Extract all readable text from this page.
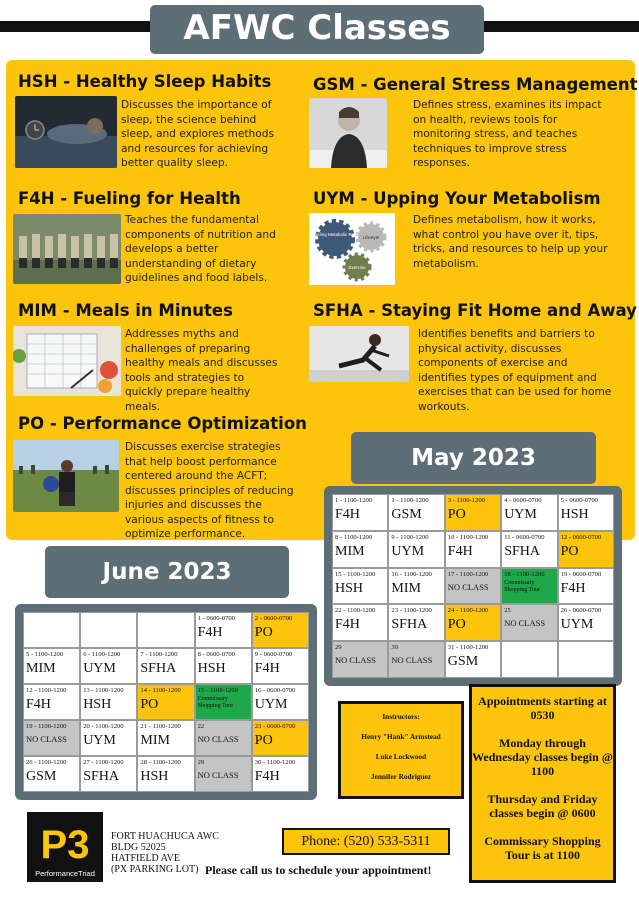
AFWC Classes
HSH - Healthy Sleep Habits
Discusses the importance of sleep, the science behind sleep, and explores methods and resources for achieving better quality sleep.
GSM - General Stress Management
Defines stress, examines its impact on health, reviews tools for monitoring stress, and teaches techniques to improve stress responses.
F4H - Fueling for Health
Teaches the fundamental components of nutrition and develops a better understanding of dietary guidelines and food labels.
UYM - Upping Your Metabolism
Fueling Metabolic Rate
Lifestyle
Exercise
Defines metabolism, how it works, what control you have over it, tips, tricks, and resources to help up your metabolism.
MIM - Meals in Minutes
Addresses myths and challenges of preparing healthy meals and discusses tools and strategies to quickly prepare healthy meals.
SFHA - Staying Fit Home and Away
Identifies benefits and barriers to physical activity, discusses components of exercise and identifies types of equipment and exercises that can be used for home workouts.
PO - Performance Optimization
Discusses exercise strategies that help boost performance centered around the ACFT; discusses principles of reducing injuries and discusses the various aspects of fitness to optimize performance.
May 2023
1 - 1100-1200
F4H
1 - 1100-1200
GSM
3 - 1100-1200
PO
4 - 0600-0700
UYM
5 - 0600-0700
HSH
8 - 1100-1200
MIM
9 - 1100-1200
UYM
10 - 1100-1200
F4H
11 - 0600-0700
SFHA
12 - 0600-0700
PO
15 - 1100-1200
HSH
16 - 1100-1200
MIM
17 - 1100-1200
NO CLASS
18 - 1100-1200
Commissary Shopping Tour
19 - 0600-0700
F4H
22 - 1100-1200
F4H
23 - 1100-1200
SFHA
24 - 1100-1200
PO
25
NO CLASS
26 - 0600-0700
UYM
29
NO CLASS
30
NO CLASS
31 - 1100-1200
GSM
June 2023
1 - 0600-0700
F4H
2 - 0600-0700
PO
5 - 1100-1200
MIM
6 - 1100-1200
UYM
7 - 1100-1200
SFHA
8 - 0600-0700
HSH
9 - 0600-0700
F4H
12 - 1100-1200
F4H
13 - 1100-1200
HSH
14 - 1100-1200
PO
15 - 1100-1200
Commissary Shopping Tour
16 - 0600-0700
UYM
19 - 1100-1200
NO CLASS
20 - 1100-1200
UYM
21 - 1100-1200
MIM
22
NO CLASS
23 - 0600-0700
PO
26 - 1100-1200
GSM
27 - 1100-1200
SFHA
28 - 1100-1200
HSH
29
NO CLASS
30 - 1100-1200
F4H
Instructors:
Henry "Hank" Armstead
Luke Lockwood
Jennifer Rodriguez
Appointments starting at 0530
Monday through Wednesday classes begin @ 1100
Thursday and Friday classes begin @ 0600
Commissary Shopping Tour is at 1100
P3
PerformanceTriad
FORT HUACHUCA AWC
BLDG 52025
HATFIELD AVE
(PX PARKING LOT)
Phone: (520) 533-5311
Please call us to schedule your appointment!
